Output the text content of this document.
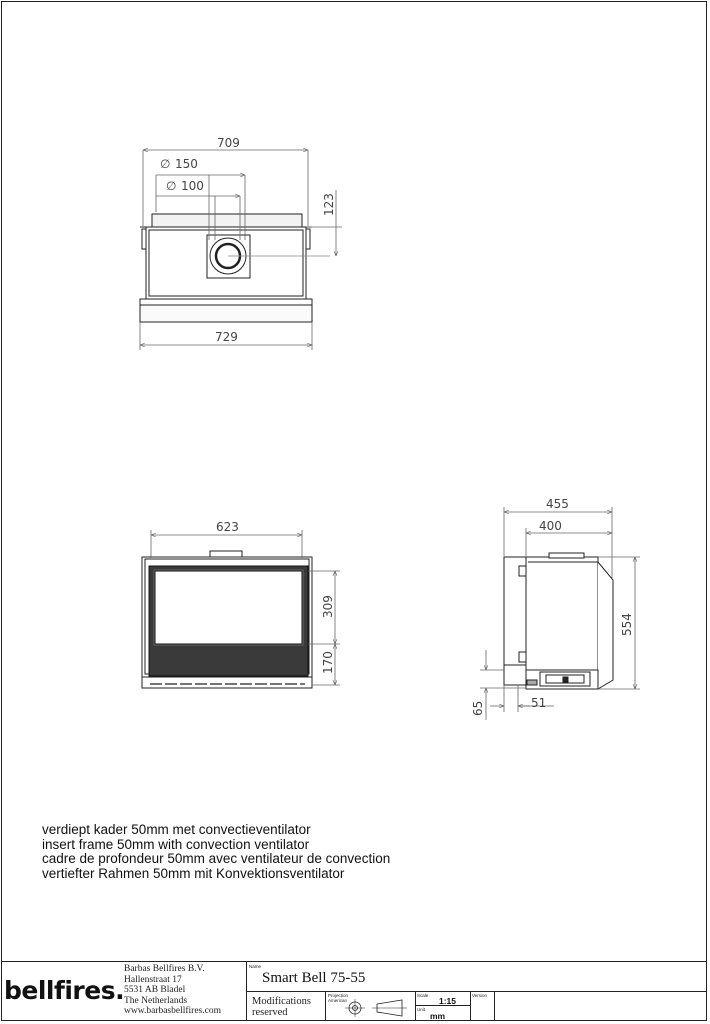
709
∅ 150
∅ 100
123
729
623
309
170
455
400
554
65	51
verdiept kader 50mm met convectieventilator
insert frame 50mm with convection ventilator
cadre de profondeur 50mm avec ventilateur de convection
vertiefter Rahmen 50mm mit Konvektionsventilator
bellfires.
Barbas Bellfires B.V.
Hallenstraat 17
5531 AB Bladel
The Netherlands
www.barbasbellfires.com
Name
Smart Bell 75-55
Modifications
reserved
Projection
American
Scale
1:15
Unit
mm
Version
